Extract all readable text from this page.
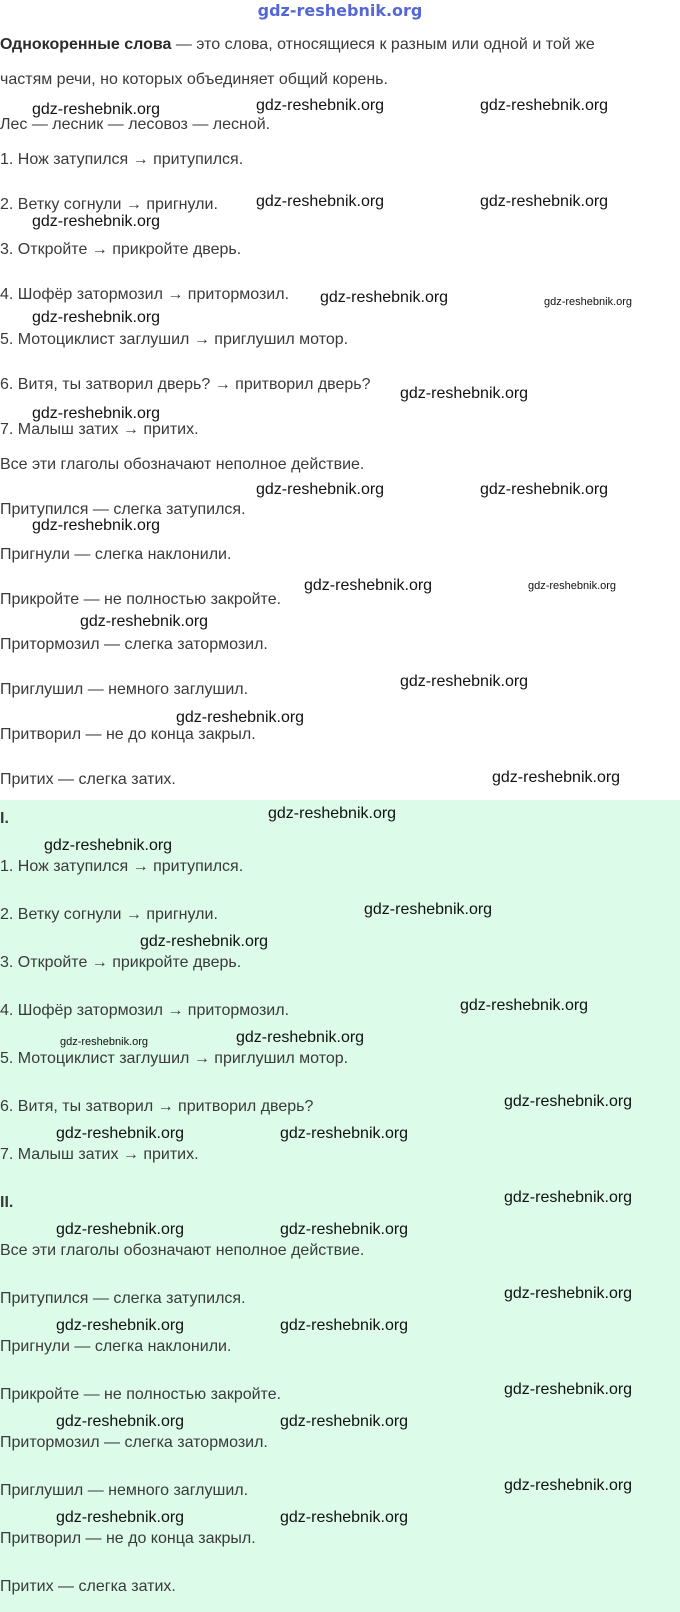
gdz-reshebnik.org
Однокоренные слова — это слова, относящиеся к разным или одной и той же
частям речи, но которых объединяет общий корень.
Лес — лесник — лесовоз — лесной.
1. Нож затупился → притупился.
2. Ветку согнули → пригнули.
3. Откройте → прикройте дверь.
4. Шофёр затормозил → притормозил.
5. Мотоциклист заглушил → приглушил мотор.
6. Витя, ты затворил дверь? → притворил дверь?
7. Малыш затих → притих.
Все эти глаголы обозначают неполное действие.
Притупился — слегка затупился.
Пригнули — слегка наклонили.
Прикройте — не полностью закройте.
Притормозил — слегка затормозил.
Приглушил — немного заглушил.
Притворил — не до конца закрыл.
Притих — слегка затих.
I.
1. Нож затупился → притупился.
2. Ветку согнули → пригнули.
3. Откройте → прикройте дверь.
4. Шофёр затормозил → притормозил.
5. Мотоциклист заглушил → приглушил мотор.
6. Витя, ты затворил → притворил дверь?
7. Малыш затих → притих.
II.
Все эти глаголы обозначают неполное действие.
Притупился — слегка затупился.
Пригнули — слегка наклонили.
Прикройте — не полностью закройте.
Притормозил — слегка затормозил.
Приглушил — немного заглушил.
Притворил — не до конца закрыл.
Притих — слегка затих.
gdz-reshebnik.org	gdz-reshebnik.org	gdz-reshebnik.org
gdz-reshebnik.org	gdz-reshebnik.org
gdz-reshebnik.org
gdz-reshebnik.org	gdz-reshebnik.org
gdz-reshebnik.org
gdz-reshebnik.org
gdz-reshebnik.org
gdz-reshebnik.org	gdz-reshebnik.org
gdz-reshebnik.org
gdz-reshebnik.org	gdz-reshebnik.org
gdz-reshebnik.org
gdz-reshebnik.org
gdz-reshebnik.org
gdz-reshebnik.org
gdz-reshebnik.org
gdz-reshebnik.org
gdz-reshebnik.org
gdz-reshebnik.org
gdz-reshebnik.org
gdz-reshebnik.org	gdz-reshebnik.org
gdz-reshebnik.org
gdz-reshebnik.org	gdz-reshebnik.org
gdz-reshebnik.org
gdz-reshebnik.org	gdz-reshebnik.org
gdz-reshebnik.org
gdz-reshebnik.org	gdz-reshebnik.org
gdz-reshebnik.org
gdz-reshebnik.org	gdz-reshebnik.org
gdz-reshebnik.org
gdz-reshebnik.org	gdz-reshebnik.org
